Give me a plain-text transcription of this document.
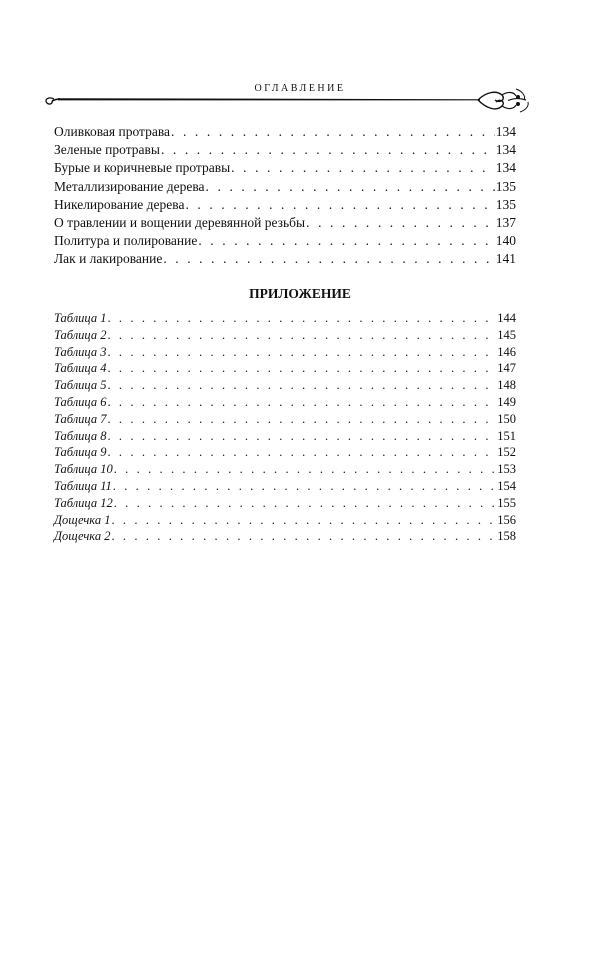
ОГЛАВЛЕНИЕ
Оливковая протрава . . .	134
Зеленые протравы . . .	134
Бурые и коричневые протравы . . .	134
Металлизирование дерева . . .	135
Никелирование дерева . . .	135
О травлении и вощении деревянной резьбы . . .	137
Политура и полирование . . .	140
Лак и лакирование . . .	141
ПРИЛОЖЕНИЕ
Таблица 1 . . .	144
Таблица 2 . . .	145
Таблица 3 . . .	146
Таблица 4 . . .	147
Таблица 5 . . .	148
Таблица 6 . . .	149
Таблица 7 . . .	150
Таблица 8 . . .	151
Таблица 9 . . .	152
Таблица 10 . . .	153
Таблица 11 . . .	154
Таблица 12 . . .	155
Дощечка 1 . . .	156
Дощечка 2 . . .	158
